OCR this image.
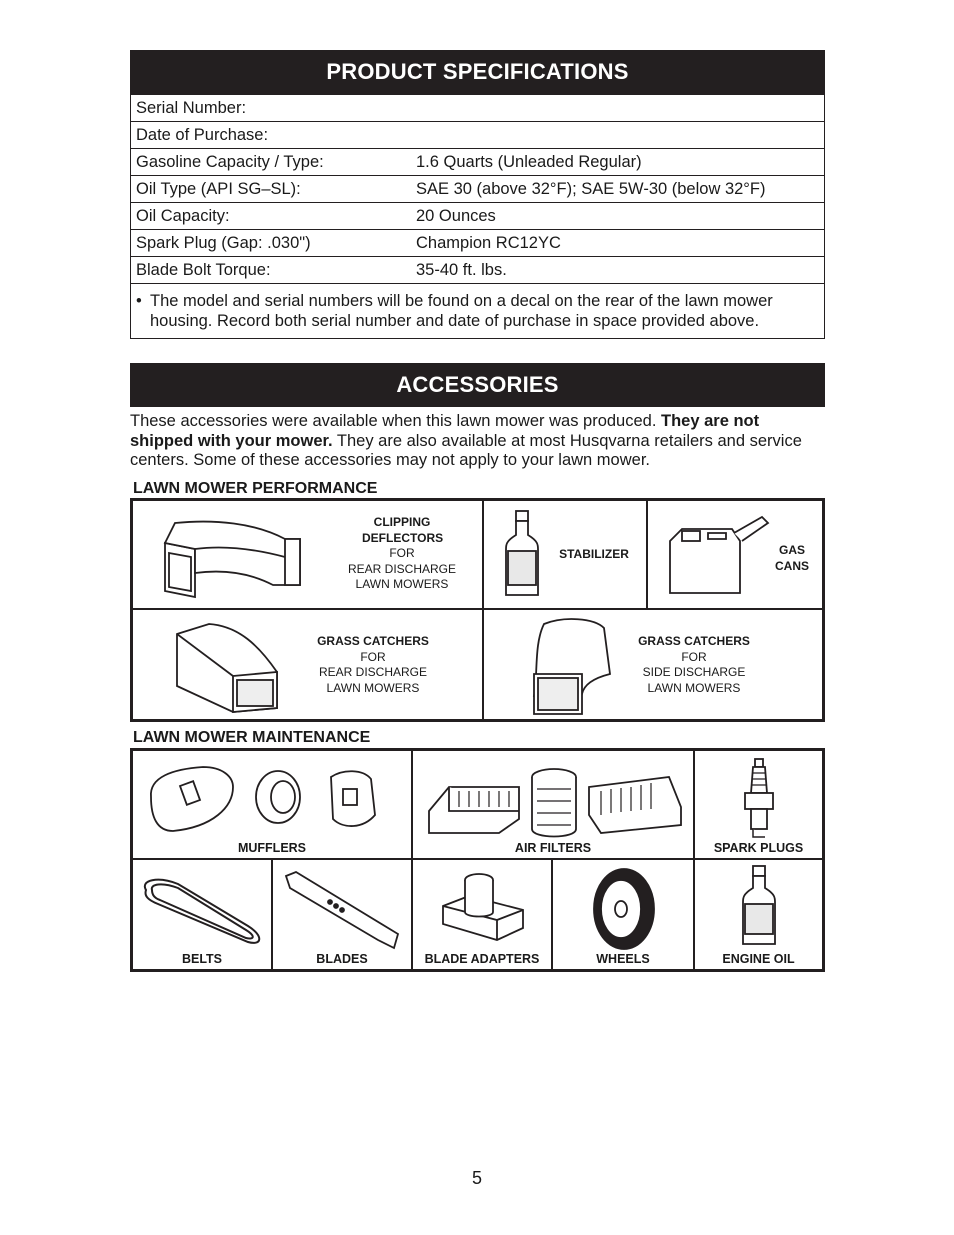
PRODUCT SPECIFICATIONS
Serial Number:	
Date of Purchase:	
Gasoline Capacity / Type:	1.6 Quarts (Unleaded Regular)
Oil Type (API SG–SL):	SAE 30 (above 32°F); SAE 5W-30 (below 32°F)
Oil Capacity:	20 Ounces
Spark Plug (Gap: .030")	Champion RC12YC
Blade Bolt Torque:	35-40 ft. lbs.

• The model and serial numbers will be found on a decal on the rear of the lawn mower housing. Record both serial number and date of purchase in space provided above.	
ACCESSORIES
These accessories were available when this lawn mower was produced. They are not shipped with your mower. They are also available at most Husqvarna retailers and service centers. Some of these accessories may not apply to your lawn mower.
LAWN MOWER PERFORMANCE
CLIPPING DEFLECTORS
FOR
REAR DISCHARGE
LAWN MOWERS
STABILIZER	GAS
CANS
GRASS CATCHERS
FOR
REAR DISCHARGE
LAWN MOWERS
GRASS CATCHERS
FOR
SIDE DISCHARGE
LAWN MOWERS
LAWN MOWER MAINTENANCE
MUFFLERS	AIR FILTERS	SPARK PLUGS
BELTS	BLADES	BLADE ADAPTERS	WHEELS	ENGINE OIL
5
